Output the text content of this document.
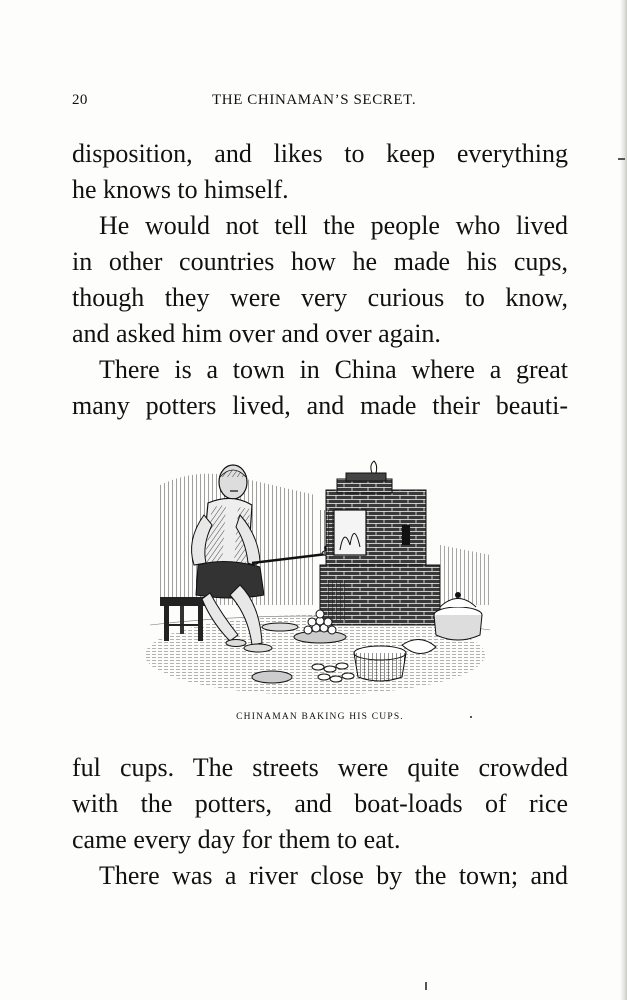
20	THE CHINAMAN’S SECRET.
disposition, and likes to keep everything
he knows to himself.
He would not tell the people who lived
in other countries how he made his cups,
though they were very curious to know,
and asked him over and over again.
There is a town in China where a great
many potters lived, and made their beauti-
CHINAMAN BAKING HIS CUPS.
ful cups. The streets were quite crowded
with the potters, and boat-loads of rice
came every day for them to eat.
There was a river close by the town; and
